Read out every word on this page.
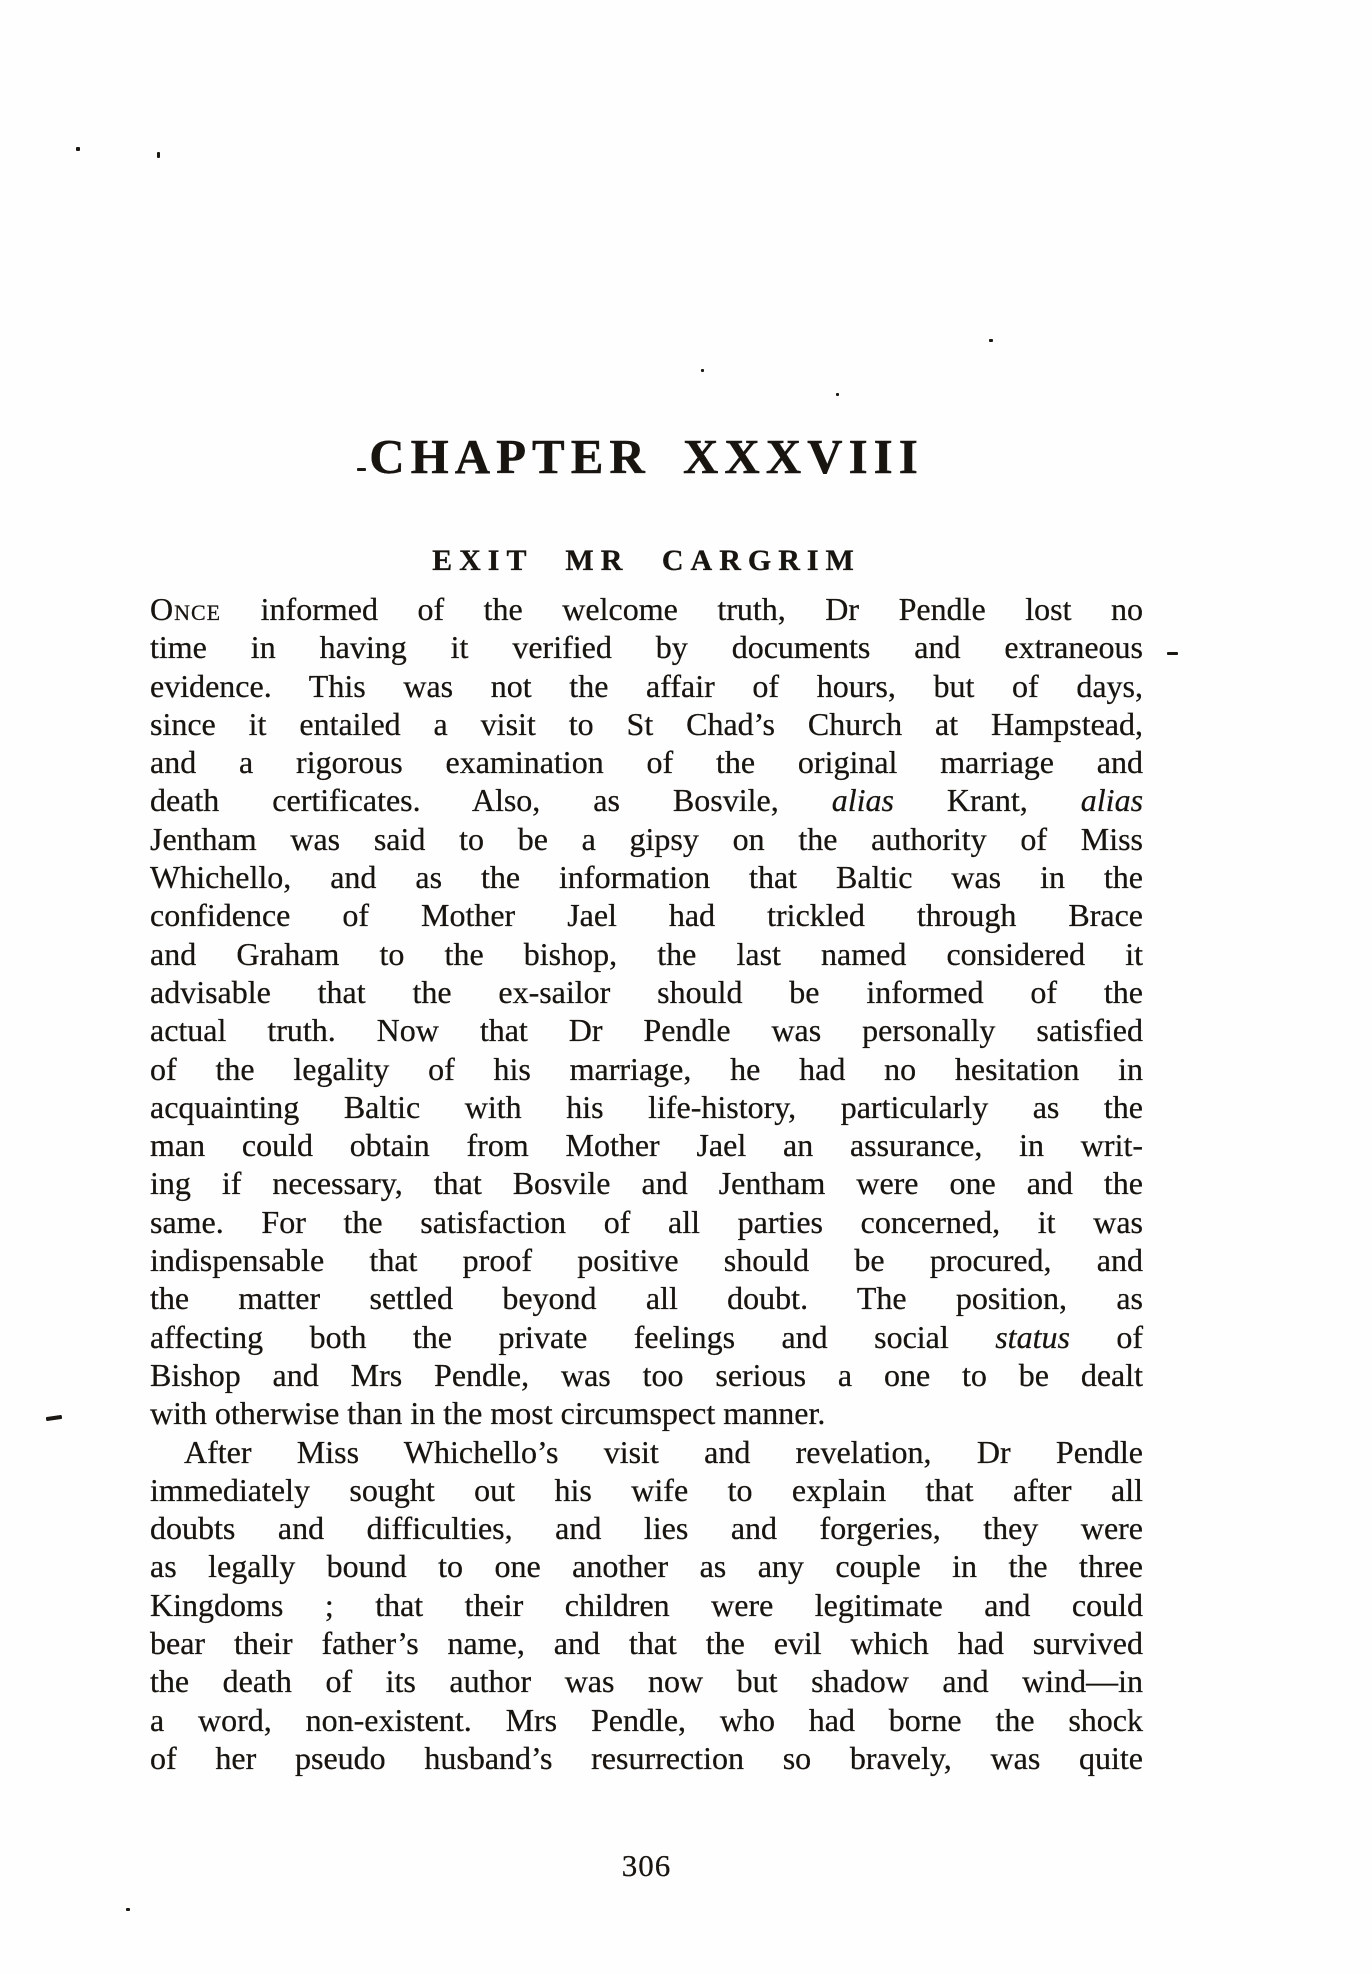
CHAPTER XXXVIII
EXIT MR CARGRIM
Once informed of the welcome truth, Dr Pendle lost no
time in having it verified by documents and extraneous
evidence. This was not the affair of hours, but of days,
since it entailed a visit to St Chad’s Church at Hampstead,
and a rigorous examination of the original marriage and
death certificates. Also, as Bosvile, alias Krant, alias
Jentham was said to be a gipsy on the authority of Miss
Whichello, and as the information that Baltic was in the
confidence of Mother Jael had trickled through Brace
and Graham to the bishop, the last named considered it
advisable that the ex-sailor should be informed of the
actual truth. Now that Dr Pendle was personally satisfied
of the legality of his marriage, he had no hesitation in
acquainting Baltic with his life-history, particularly as the
man could obtain from Mother Jael an assurance, in writ-
ing if necessary, that Bosvile and Jentham were one and the
same. For the satisfaction of all parties concerned, it was
indispensable that proof positive should be procured, and
the matter settled beyond all doubt. The position, as
affecting both the private feelings and social status of
Bishop and Mrs Pendle, was too serious a one to be dealt
with otherwise than in the most circumspect manner.
After Miss Whichello’s visit and revelation, Dr Pendle
immediately sought out his wife to explain that after all
doubts and difficulties, and lies and forgeries, they were
as legally bound to one another as any couple in the three
Kingdoms ; that their children were legitimate and could
bear their father’s name, and that the evil which had survived
the death of its author was now but shadow and wind—in
a word, non-existent. Mrs Pendle, who had borne the shock
of her pseudo husband’s resurrection so bravely, was quite
306
